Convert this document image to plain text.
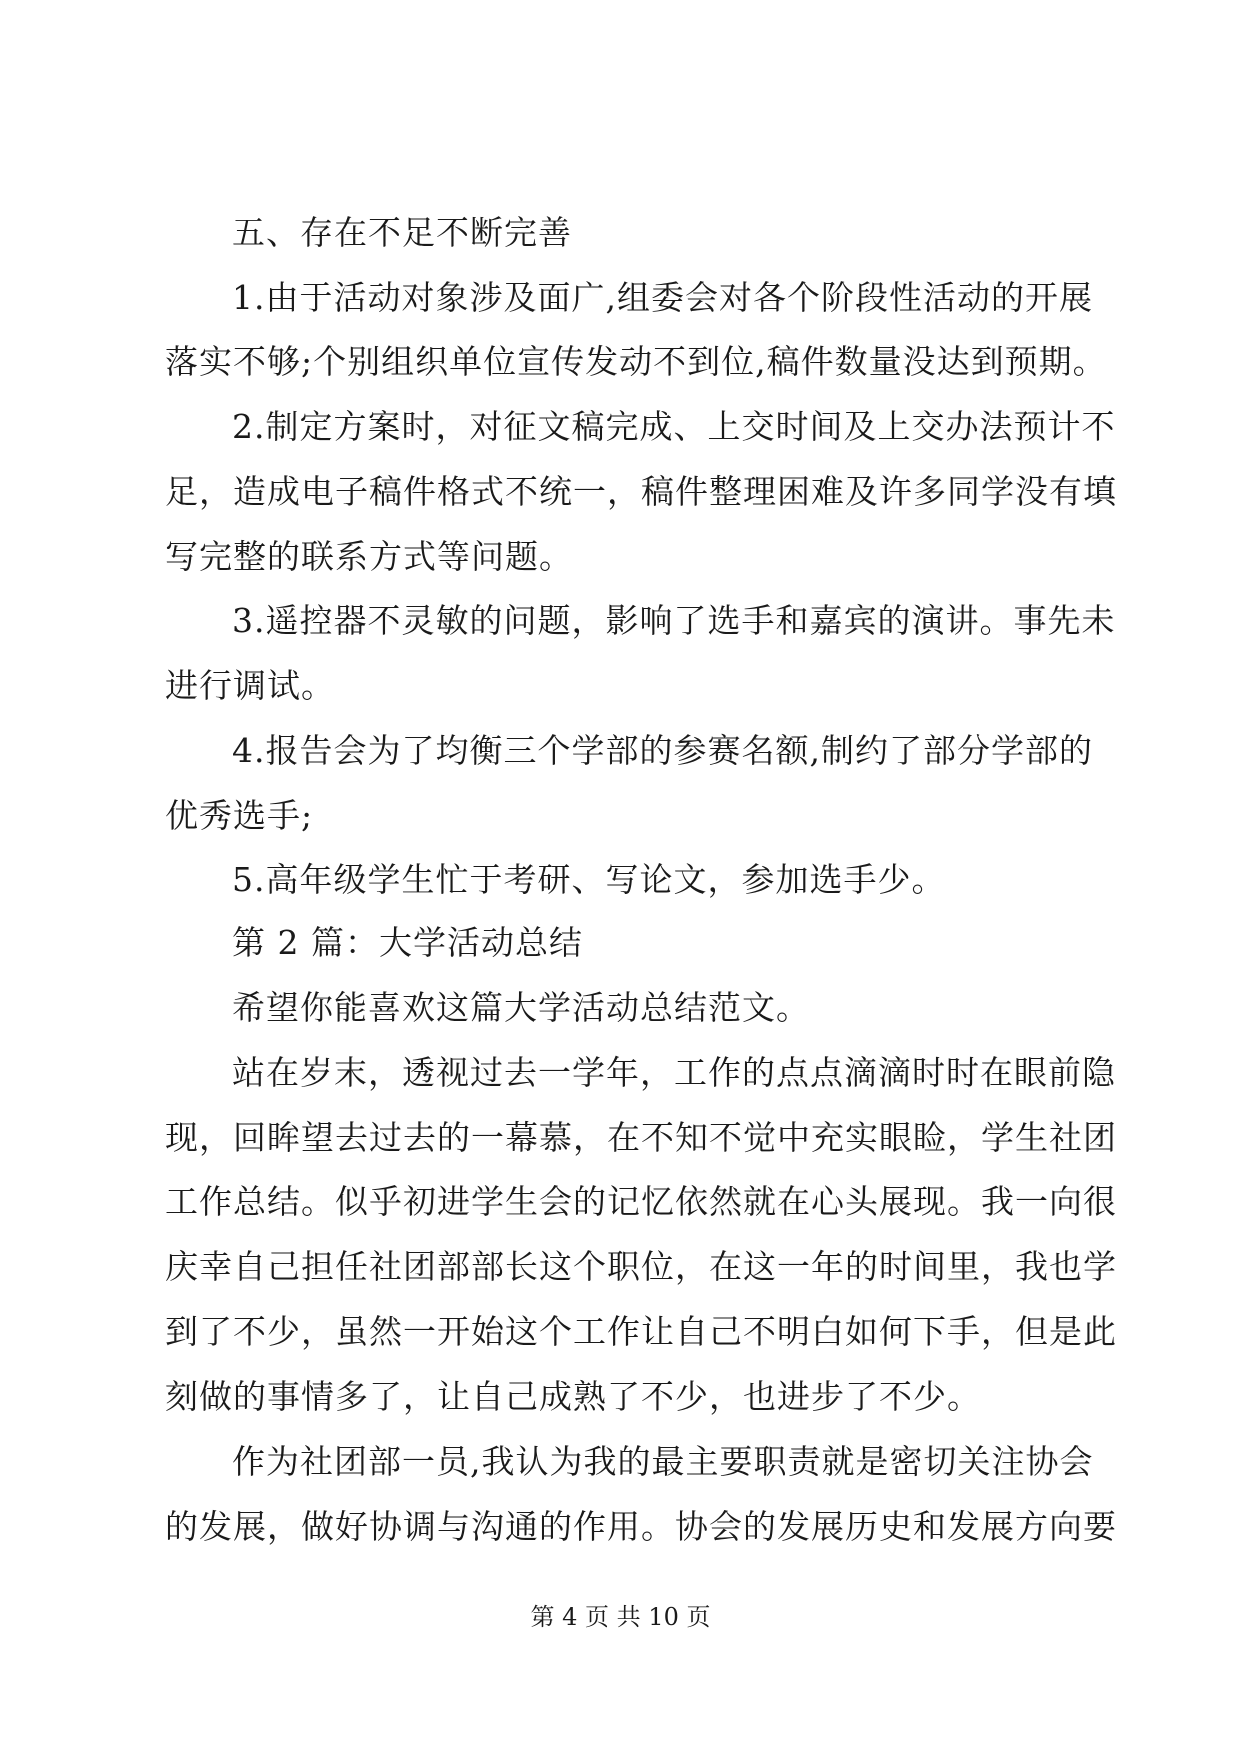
五、存在不足不断完善
1.由于活动对象涉及面广,组委会对各个阶段性活动的开展
落实不够;个别组织单位宣传发动不到位,稿件数量没达到预期。
2.制定方案时，对征文稿完成、上交时间及上交办法预计不
足，造成电子稿件格式不统一，稿件整理困难及许多同学没有填
写完整的联系方式等问题。
3.遥控器不灵敏的问题，影响了选手和嘉宾的演讲。事先未
进行调试。
4.报告会为了均衡三个学部的参赛名额,制约了部分学部的
优秀选手;
5.高年级学生忙于考研、写论文，参加选手少。
第 2 篇：大学活动总结
希望你能喜欢这篇大学活动总结范文。
站在岁末，透视过去一学年，工作的点点滴滴时时在眼前隐
现，回眸望去过去的一幕慕，在不知不觉中充实眼睑，学生社团
工作总结。似乎初进学生会的记忆依然就在心头展现。我一向很
庆幸自己担任社团部部长这个职位，在这一年的时间里，我也学
到了不少，虽然一开始这个工作让自己不明白如何下手，但是此
刻做的事情多了，让自己成熟了不少，也进步了不少。
作为社团部一员,我认为我的最主要职责就是密切关注协会
的发展，做好协调与沟通的作用。协会的发展历史和发展方向要
第 4 页 共 10 页
